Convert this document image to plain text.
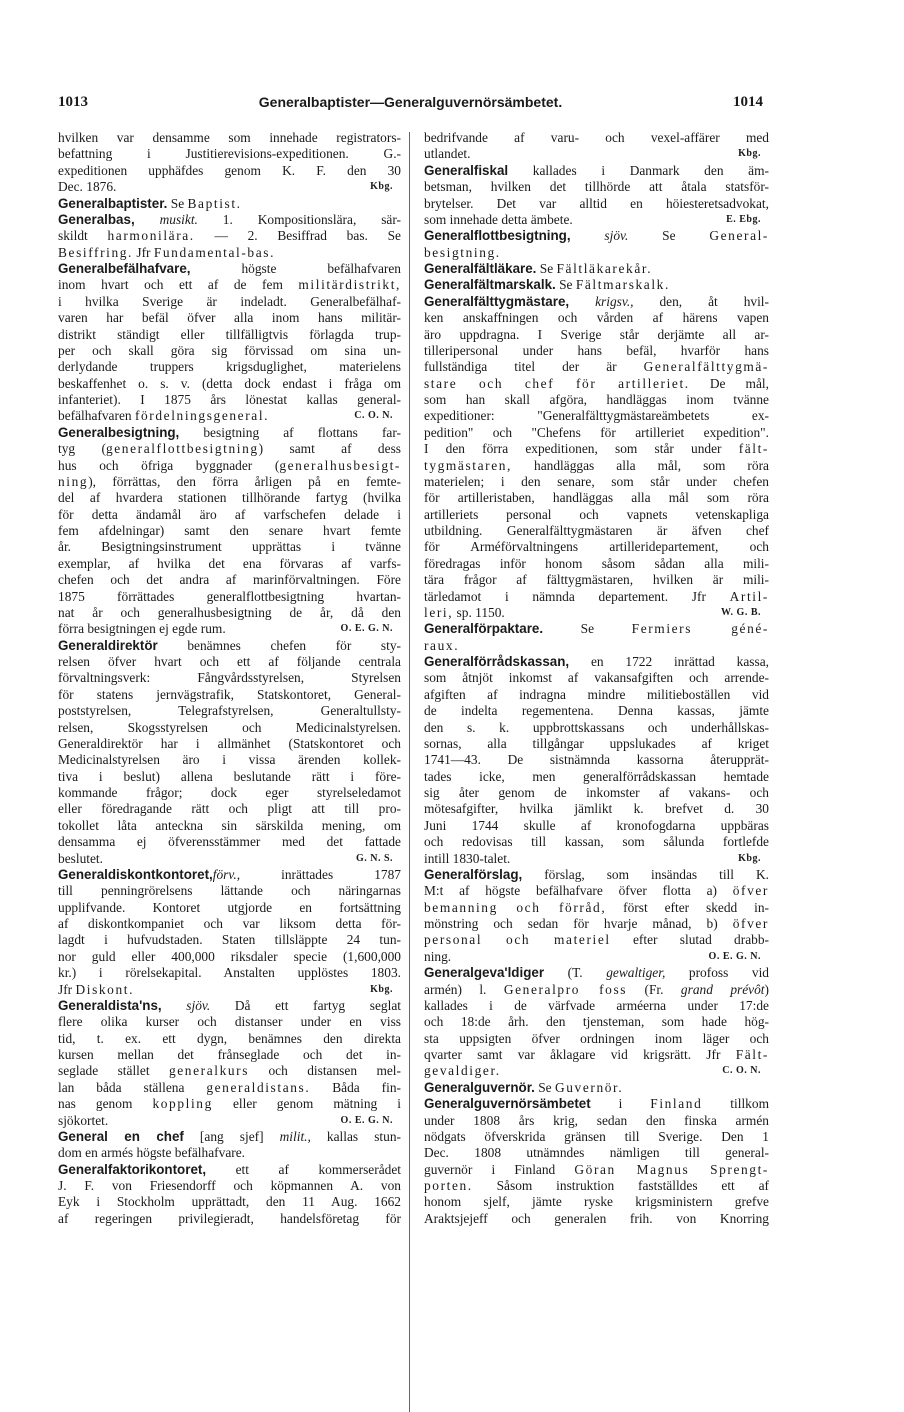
1013	Generalbaptister—Generalguvernörsämbetet.	1014
hvilken var densamme som innehade registrators-
befattning i Justitierevisions-expeditionen. G.-
expeditionen upphäfdes genom K. F. den 30
Dec. 1876.	Kbg.
Generalbaptister. Se Baptist.
Generalbas, musikt. 1. Kompositionslära, sär-
skildt harmonilära. — 2. Besiffrad bas. Se
Besiffring. Jfr Fundamental-bas.
Generalbefälhafvare, högste befälhafvaren
inom hvart och ett af de fem militärdistrikt,
i hvilka Sverige är indeladt. Generalbefälhaf-
varen har befäl öfver alla inom hans militär-
distrikt ständigt eller tillfälligtvis förlagda trup-
per och skall göra sig förvissad om sina un-
derlydande truppers krigsduglighet, materielens
beskaffenhet o. s. v. (detta dock endast i fråga om
infanteriet). I 1875 års lönestat kallas general-
befälhafvaren fördelningsgeneral.	C. O. N.
Generalbesigtning, besigtning af flottans far-
tyg (generalflottbesigtning) samt af dess
hus och öfriga byggnader (generalhusbesigt-
ning), förrättas, den förra årligen på en femte-
del af hvardera stationen tillhörande fartyg (hvilka
för detta ändamål äro af varfschefen delade i
fem afdelningar) samt den senare hvart femte
år. Besigtningsinstrument upprättas i tvänne
exemplar, af hvilka det ena förvaras af varfs-
chefen och det andra af marinförvaltningen. Före
1875 förrättades generalflottbesigtning hvartan-
nat år och generalhusbesigtning de år, då den
förra besigtningen ej egde rum.	O. E. G. N.
Generaldirektör benämnes chefen för sty-
relsen öfver hvart och ett af följande centrala
förvaltningsverk: Fångvårdsstyrelsen, Styrelsen
för statens jernvägstrafik, Statskontoret, General-
poststyrelsen, Telegrafstyrelsen, Generaltullsty-
relsen, Skogsstyrelsen och Medicinalstyrelsen.
Generaldirektör har i allmänhet (Statskontoret och
Medicinalstyrelsen äro i vissa ärenden kollek-
tiva i beslut) allena beslutande rätt i före-
kommande frågor; dock eger styrelseledamot
eller föredragande rätt och pligt att till pro-
tokollet låta anteckna sin särskilda mening, om
densamma ej öfverensstämmer med det fattade
beslutet.	G. N. S.
Generaldiskontkontoret,förv., inrättades 1787
till penningrörelsens lättande och näringarnas
upplifvande. Kontoret utgjorde en fortsättning
af diskontkompaniet och var liksom detta för-
lagdt i hufvudstaden. Staten tillsläppte 24 tun-
nor guld eller 400,000 riksdaler specie (1,600,000
kr.) i rörelsekapital. Anstalten upplöstes 1803.
Jfr Diskont.	Kbg.
Generaldista'ns, sjöv. Då ett fartyg seglat
flere olika kurser och distanser under en viss
tid, t. ex. ett dygn, benämnes den direkta
kursen mellan det frånseglade och det in-
seglade stället generalkurs och distansen mel-
lan båda ställena generaldistans. Båda fin-
nas genom koppling eller genom mätning i
sjökortet.	O. E. G. N.
General en chef [ang sjef] milit., kallas stun-
dom en armés högste befälhafvare.
Generalfaktorikontoret, ett af kommerserådet
J. F. von Friesendorff och köpmannen A. von
Eyk i Stockholm upprättadt, den 11 Aug. 1662
af regeringen privilegieradt, handelsföretag för
bedrifvande af varu- och vexel-affärer med
utlandet.	Kbg.
Generalfiskal kallades i Danmark den äm-
betsman, hvilken det tillhörde att åtala statsför-
brytelser. Det var alltid en höiesteretsadvokat,
som innehade detta ämbete.	E. Ebg.
Generalflottbesigtning,	sjöv. Se General-
besigtning.
Generalfältläkare. Se Fältläkarekår.
Generalfältmarskalk. Se Fältmarskalk.
Generalfälttygmästare, krigsv., den, åt hvil-
ken anskaffningen och vården af härens vapen
äro uppdragna. I Sverige står derjämte all ar-
tilleripersonal under hans befäl, hvarför hans
fullständiga titel der är Generalfälttygmä-
stare och chef för artilleriet. De mål,
som han skall afgöra, handläggas inom tvänne
expeditioner: "Generalfälttygmästareämbetets ex-
pedition" och "Chefens för artilleriet expedition".
I den förra expeditionen, som står under fält-
tygmästaren, handläggas alla mål, som röra
materielen; i den senare, som står under chefen
för artilleristaben, handläggas alla mål som röra
artilleriets personal och vapnets vetenskapliga
utbildning. Generalfälttygmästaren är äfven chef
för Arméförvaltningens artilleridepartement, och
föredragas inför honom såsom sådan alla mili-
tära frågor af fälttygmästaren, hvilken är mili-
tärledamot i nämnda departement. Jfr Artil-
leri, sp. 1150.	W. G. B.
Generalförpaktare. Se Fermiers géné-
raux.
Generalförrådskassan, en 1722 inrättad kassa,
som åtnjöt inkomst af vakansafgiften och arrende-
afgiften af indragna mindre militieboställen vid
de indelta regementena. Denna kassas, jämte
den s. k. uppbrottskassans och underhållskas-
sornas, alla tillgångar uppslukades af kriget
1741—43. De sistnämnda kassorna återupprät-
tades icke, men generalförrådskassan hemtade
sig åter genom de inkomster af vakans- och
mötesafgifter, hvilka jämlikt k. brefvet d. 30
Juni 1744 skulle af kronofogdarna uppbäras
och redovisas till kassan, som sålunda fortlefde
intill 1830-talet.	Kbg.
Generalförslag, förslag, som insändas till K.
M:t af högste befälhafvare öfver flotta a) öfver
bemanning och förråd, först efter skedd in-
mönstring och sedan för hvarje månad, b) öfver
personal och materiel efter slutad drabb-
ning.	O. E. G. N.
Generalgeva'ldiger (T. gewaltiger, profoss vid
armén) l. Generalpro foss (Fr. grand prévôt)
kallades i de värfvade arméerna under 17:de
och 18:de årh. den tjensteman, som hade hög-
sta uppsigten öfver ordningen inom läger och
qvarter samt var åklagare vid krigsrätt. Jfr Fält-
gevaldiger.	C. O. N.
Generalguvernör. Se Guvernör.
Generalguvernörsämbetet i Finland tillkom
under 1808 års krig, sedan den finska armén
nödgats öfverskrida gränsen till Sverige. Den 1
Dec. 1808 utnämndes nämligen till general-
guvernör i Finland Göran Magnus Sprengt-
porten. Såsom instruktion fastställdes ett af
honom sjelf, jämte ryske krigsministern grefve
Araktsjejeff och generalen frih. von Knorring
